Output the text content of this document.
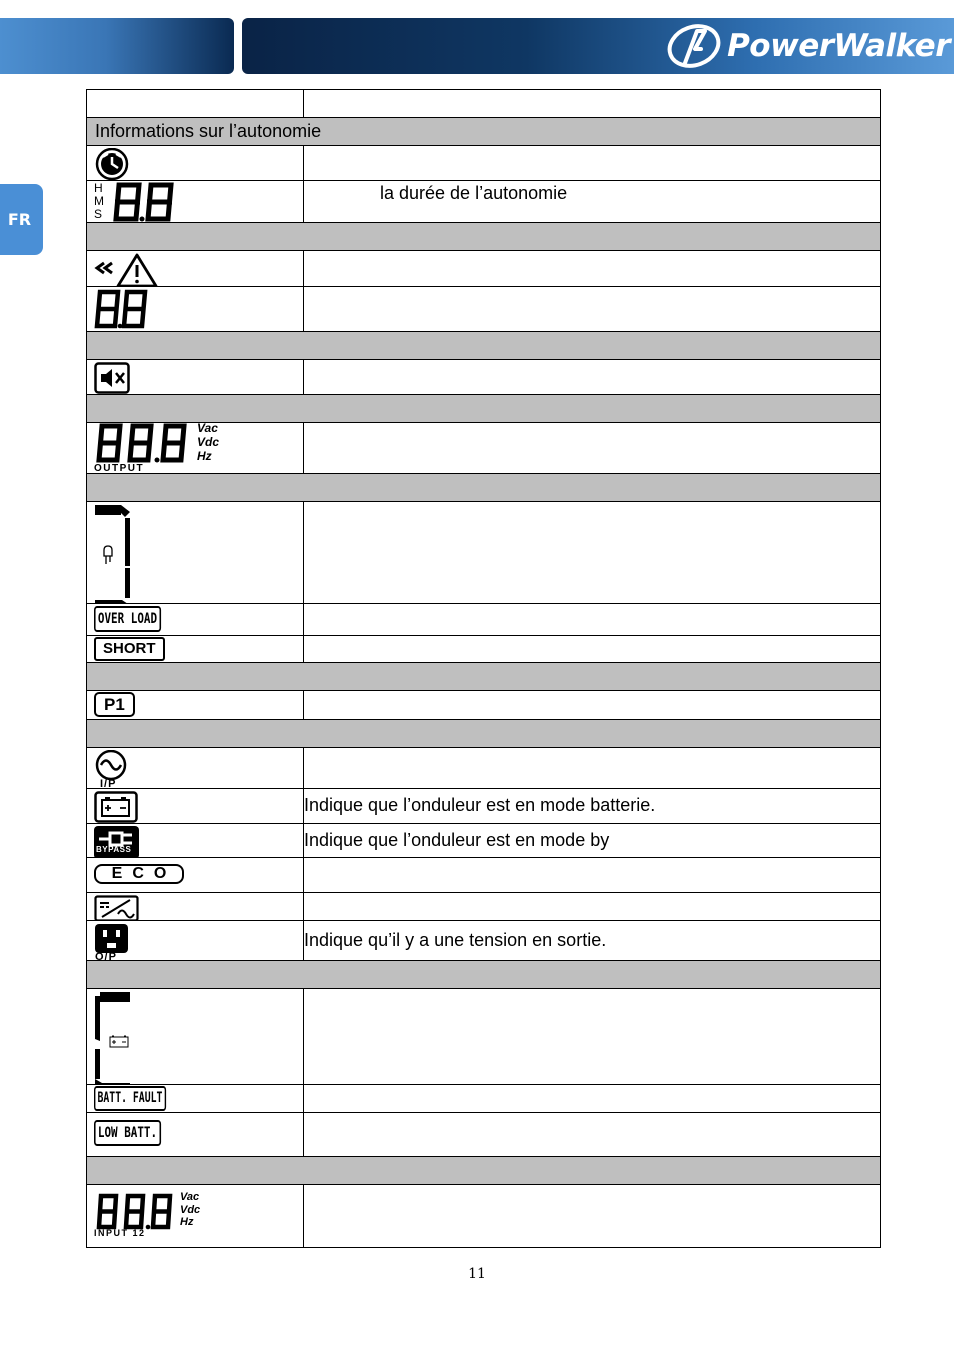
PowerWalker
FR

Informations sur l’autonomie	

H
M
S	la durée de l’autonomie

Vac
Vdc
Hz
OUTPUT	

OVER LOAD	

SHORT	

P1	

I/P	

	Indique que l’onduleur est en mode batterie.

BYPASS	Indique que l’onduleur est en mode by

ECO	

O/P	Indique qu’il y a une tension en sortie.

BATT. FAULT	

LOW BATT.	

Vac
Vdc
Hz
INPUT 12	

11
